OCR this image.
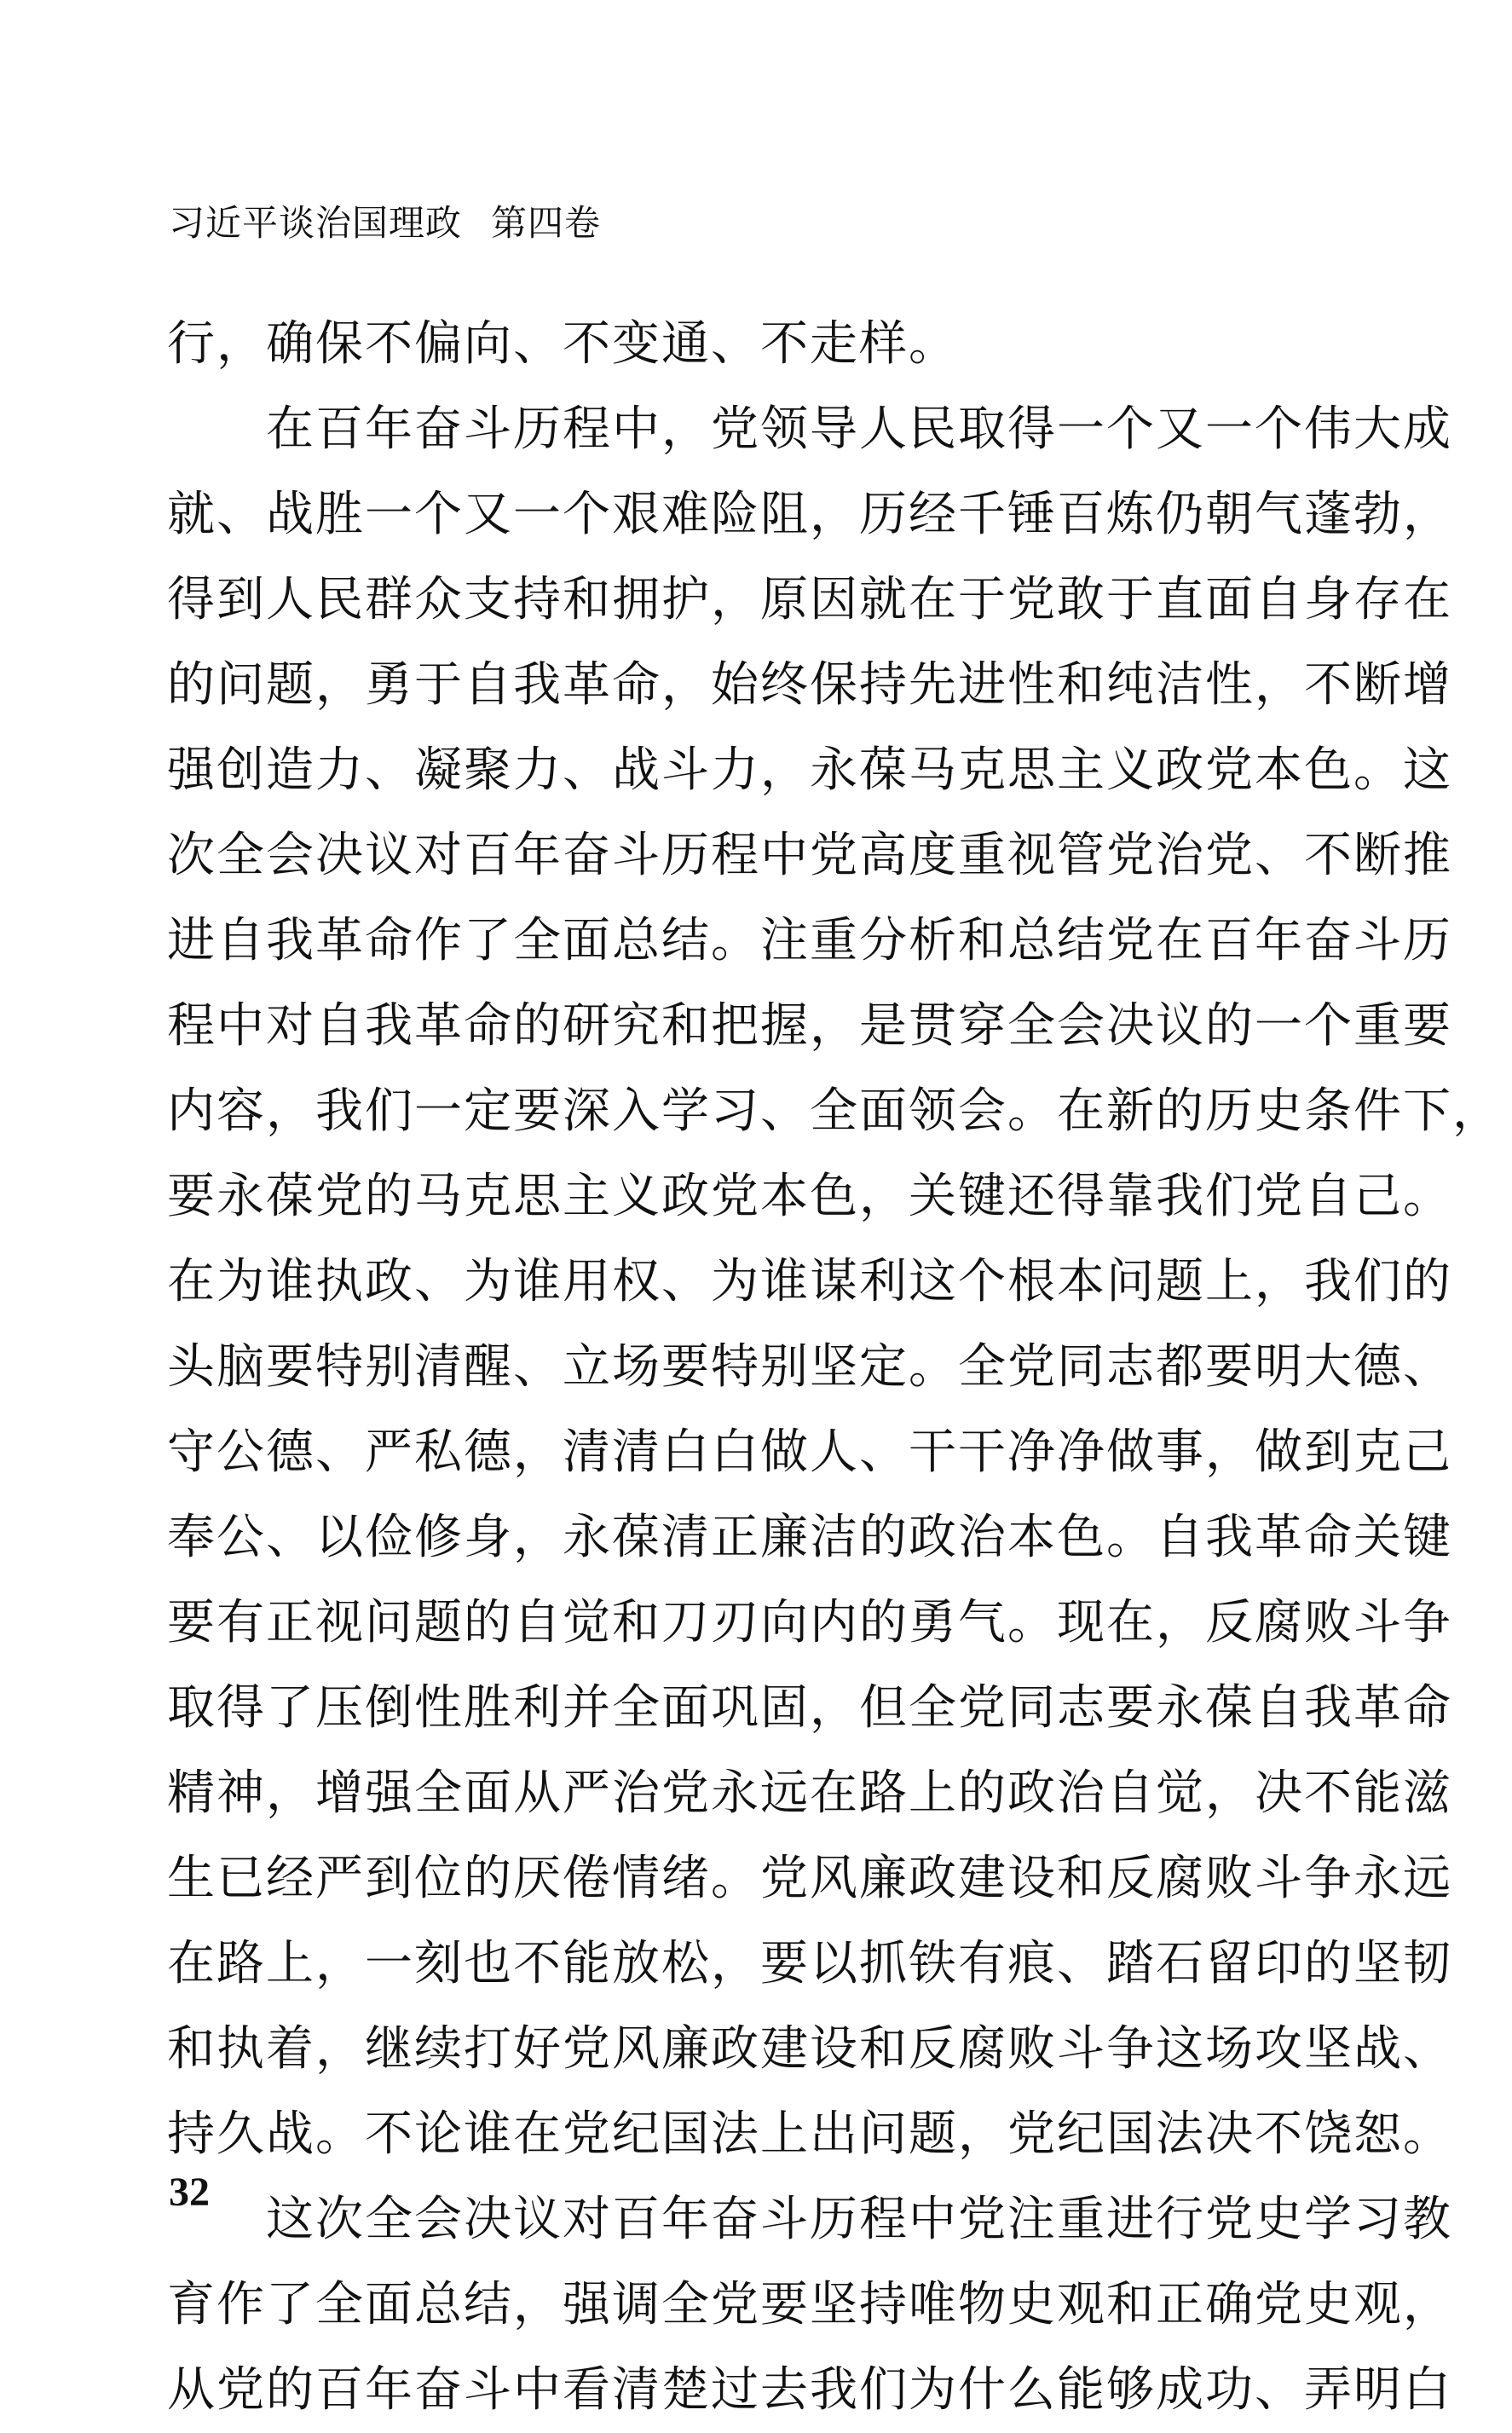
习近平谈治国理政 第四卷
行，确保不偏向、不变通、不走样。
在百年奋斗历程中，党领导人民取得一个又一个伟大成
就、战胜一个又一个艰难险阻，历经千锤百炼仍朝气蓬勃，
得到人民群众支持和拥护，原因就在于党敢于直面自身存在
的问题，勇于自我革命，始终保持先进性和纯洁性，不断增
强创造力、凝聚力、战斗力，永葆马克思主义政党本色。这
次全会决议对百年奋斗历程中党高度重视管党治党、不断推
进自我革命作了全面总结。注重分析和总结党在百年奋斗历
程中对自我革命的研究和把握，是贯穿全会决议的一个重要
内容，我们一定要深入学习、全面领会。在新的历史条件下，
要永葆党的马克思主义政党本色，关键还得靠我们党自己。
在为谁执政、为谁用权、为谁谋利这个根本问题上，我们的
头脑要特别清醒、立场要特别坚定。全党同志都要明大德、
守公德、严私德，清清白白做人、干干净净做事，做到克己
奉公、以俭修身，永葆清正廉洁的政治本色。自我革命关键
要有正视问题的自觉和刀刃向内的勇气。现在，反腐败斗争
取得了压倒性胜利并全面巩固，但全党同志要永葆自我革命
精神，增强全面从严治党永远在路上的政治自觉，决不能滋
生已经严到位的厌倦情绪。党风廉政建设和反腐败斗争永远
在路上，一刻也不能放松，要以抓铁有痕、踏石留印的坚韧
和执着，继续打好党风廉政建设和反腐败斗争这场攻坚战、
持久战。不论谁在党纪国法上出问题，党纪国法决不饶恕。
这次全会决议对百年奋斗历程中党注重进行党史学习教
育作了全面总结，强调全党要坚持唯物史观和正确党史观，
从党的百年奋斗中看清楚过去我们为什么能够成功、弄明白
32
